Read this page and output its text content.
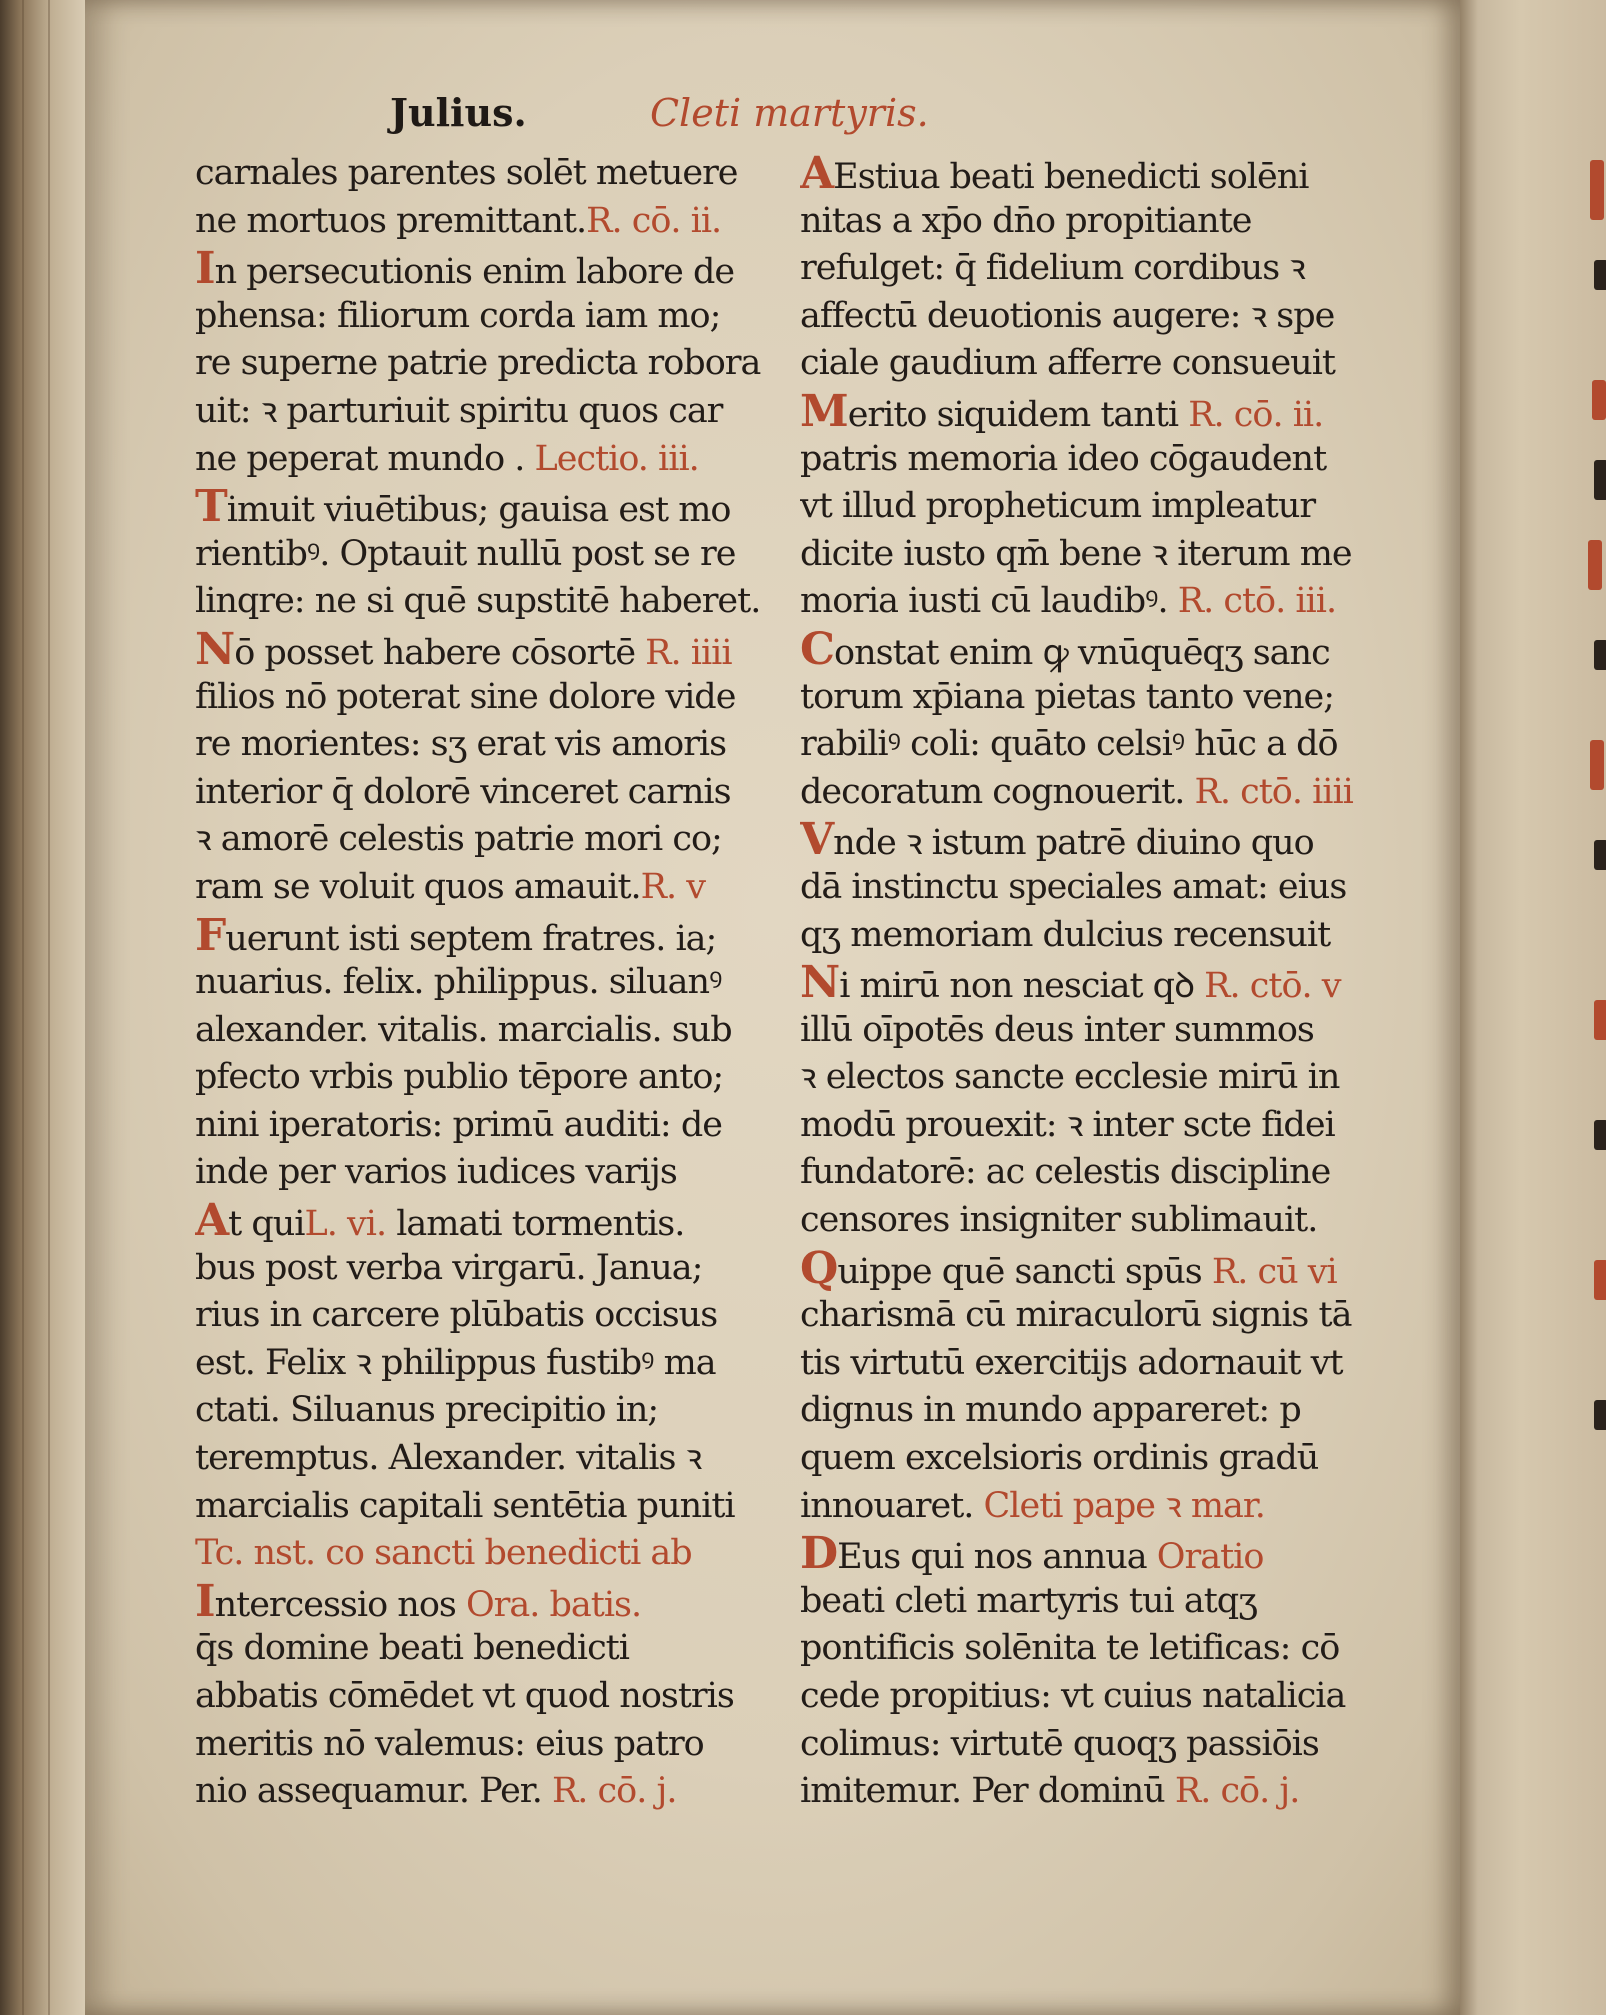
Julius.	Cleti martyris.
carnales parentes solēt metuere
ne mortuos premittant.R. cō. ii.
In persecutionis enim labore de
phensa: filiorum corda iam mo;
re superne patrie predicta robora
uit: ꝛ parturiuit spiritu quos car
ne peperat mundo . Lectio. iii.
Timuit viuētibus; gauisa est mo
rientibꝰ. Optauit nullū post se re
linqre: ne si quē supstitē haberet.
Nō posset habere cōsortē R. iiii
filios nō poterat sine dolore vide
re morientes: sʒ erat vis amoris
interior q̄ dolorē vinceret carnis
ꝛ amorē celestis patrie mori co;
ram se voluit quos amauit.R. v
Fuerunt isti septem fratres. ia;
nuarius. felix. philippus. siluanꝰ
alexander. vitalis. marcialis. sub
pfecto vrbis publio tēpore anto;
nini iperatoris: primū auditi: de
inde per varios iudices varijs
At quiL. vi. lamati tormentis.
bus post verba virgarū. Janua;
rius in carcere plūbatis occisus
est. Felix ꝛ philippus fustibꝰ ma
ctati. Siluanus precipitio in;
teremptus. Alexander. vitalis ꝛ
marcialis capitali sentētia puniti
Tc. nst. co sancti benedicti ab
Intercessio nos Ora. batis.
q̄s domine beati benedicti
abbatis cōmēdet vt quod nostris
meritis nō valemus: eius patro
nio assequamur. Per. R. cō. j.
AEstiua beati benedicti solēni
nitas a xp̄o dn̄o propitiante
refulget: q̄ fidelium cordibus ꝛ
affectū deuotionis augere: ꝛ spe
ciale gaudium afferre consueuit
Merito siquidem tanti R. cō. ii.
patris memoria ideo cōgaudent
vt illud propheticum impleatur
dicite iusto qm̄ bene ꝛ iterum me
moria iusti cū laudibꝰ. R. ctō. iii.
Constat enim ꝙ vnūquēqʒ sanc
torum xp̄iana pietas tanto vene;
rabiliꝰ coli: quāto celsiꝰ hūc a dō
decoratum cognouerit. R. ctō. iiii
Vnde ꝛ istum patrē diuino quo
dā instinctu speciales amat: eius
qʒ memoriam dulcius recensuit
Ni mirū non nesciat qꝺ R. ctō. v
illū oīpotēs deus inter summos
ꝛ electos sancte ecclesie mirū in
modū prouexit: ꝛ inter scte fidei
fundatorē: ac celestis discipline
censores insigniter sublimauit.
Quippe quē sancti spūs R. cū vi
charismā cū miraculorū signis tā
tis virtutū exercitijs adornauit vt
dignus in mundo appareret: p
quem excelsioris ordinis gradū
innouaret. Cleti pape ꝛ mar.
DEus qui nos annua Oratio
beati cleti martyris tui atqʒ
pontificis solēnita te letificas: cō
cede propitius: vt cuius natalicia
colimus: virtutē quoqʒ passiōis
imitemur. Per dominū R. cō. j.
